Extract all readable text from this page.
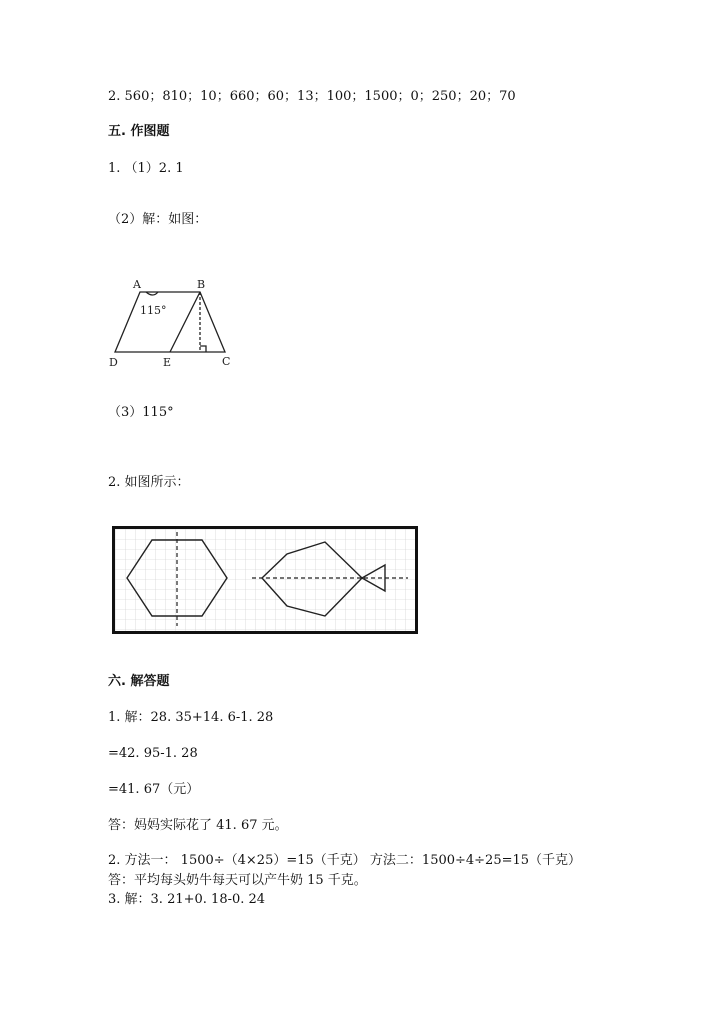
2. 560；810；10；660；60；13；100；1500；0；250；20；70
五. 作图题
1. （1）2. 1
（2）解：如图：
A	B
C
D	E
115°
（3）115°
2. 如图所示：
六. 解答题
1. 解：28. 35+14. 6-1. 28
=42. 95-1. 28
=41. 67（元）
答：妈妈实际花了 41. 67 元。
2. 方法一： 1500÷（4×25）=15（千克） 方法二：1500÷4÷25=15（千克） 答：平均每头奶牛每天可以产牛奶 15 千克。
3. 解：3. 21+0. 18-0. 24
